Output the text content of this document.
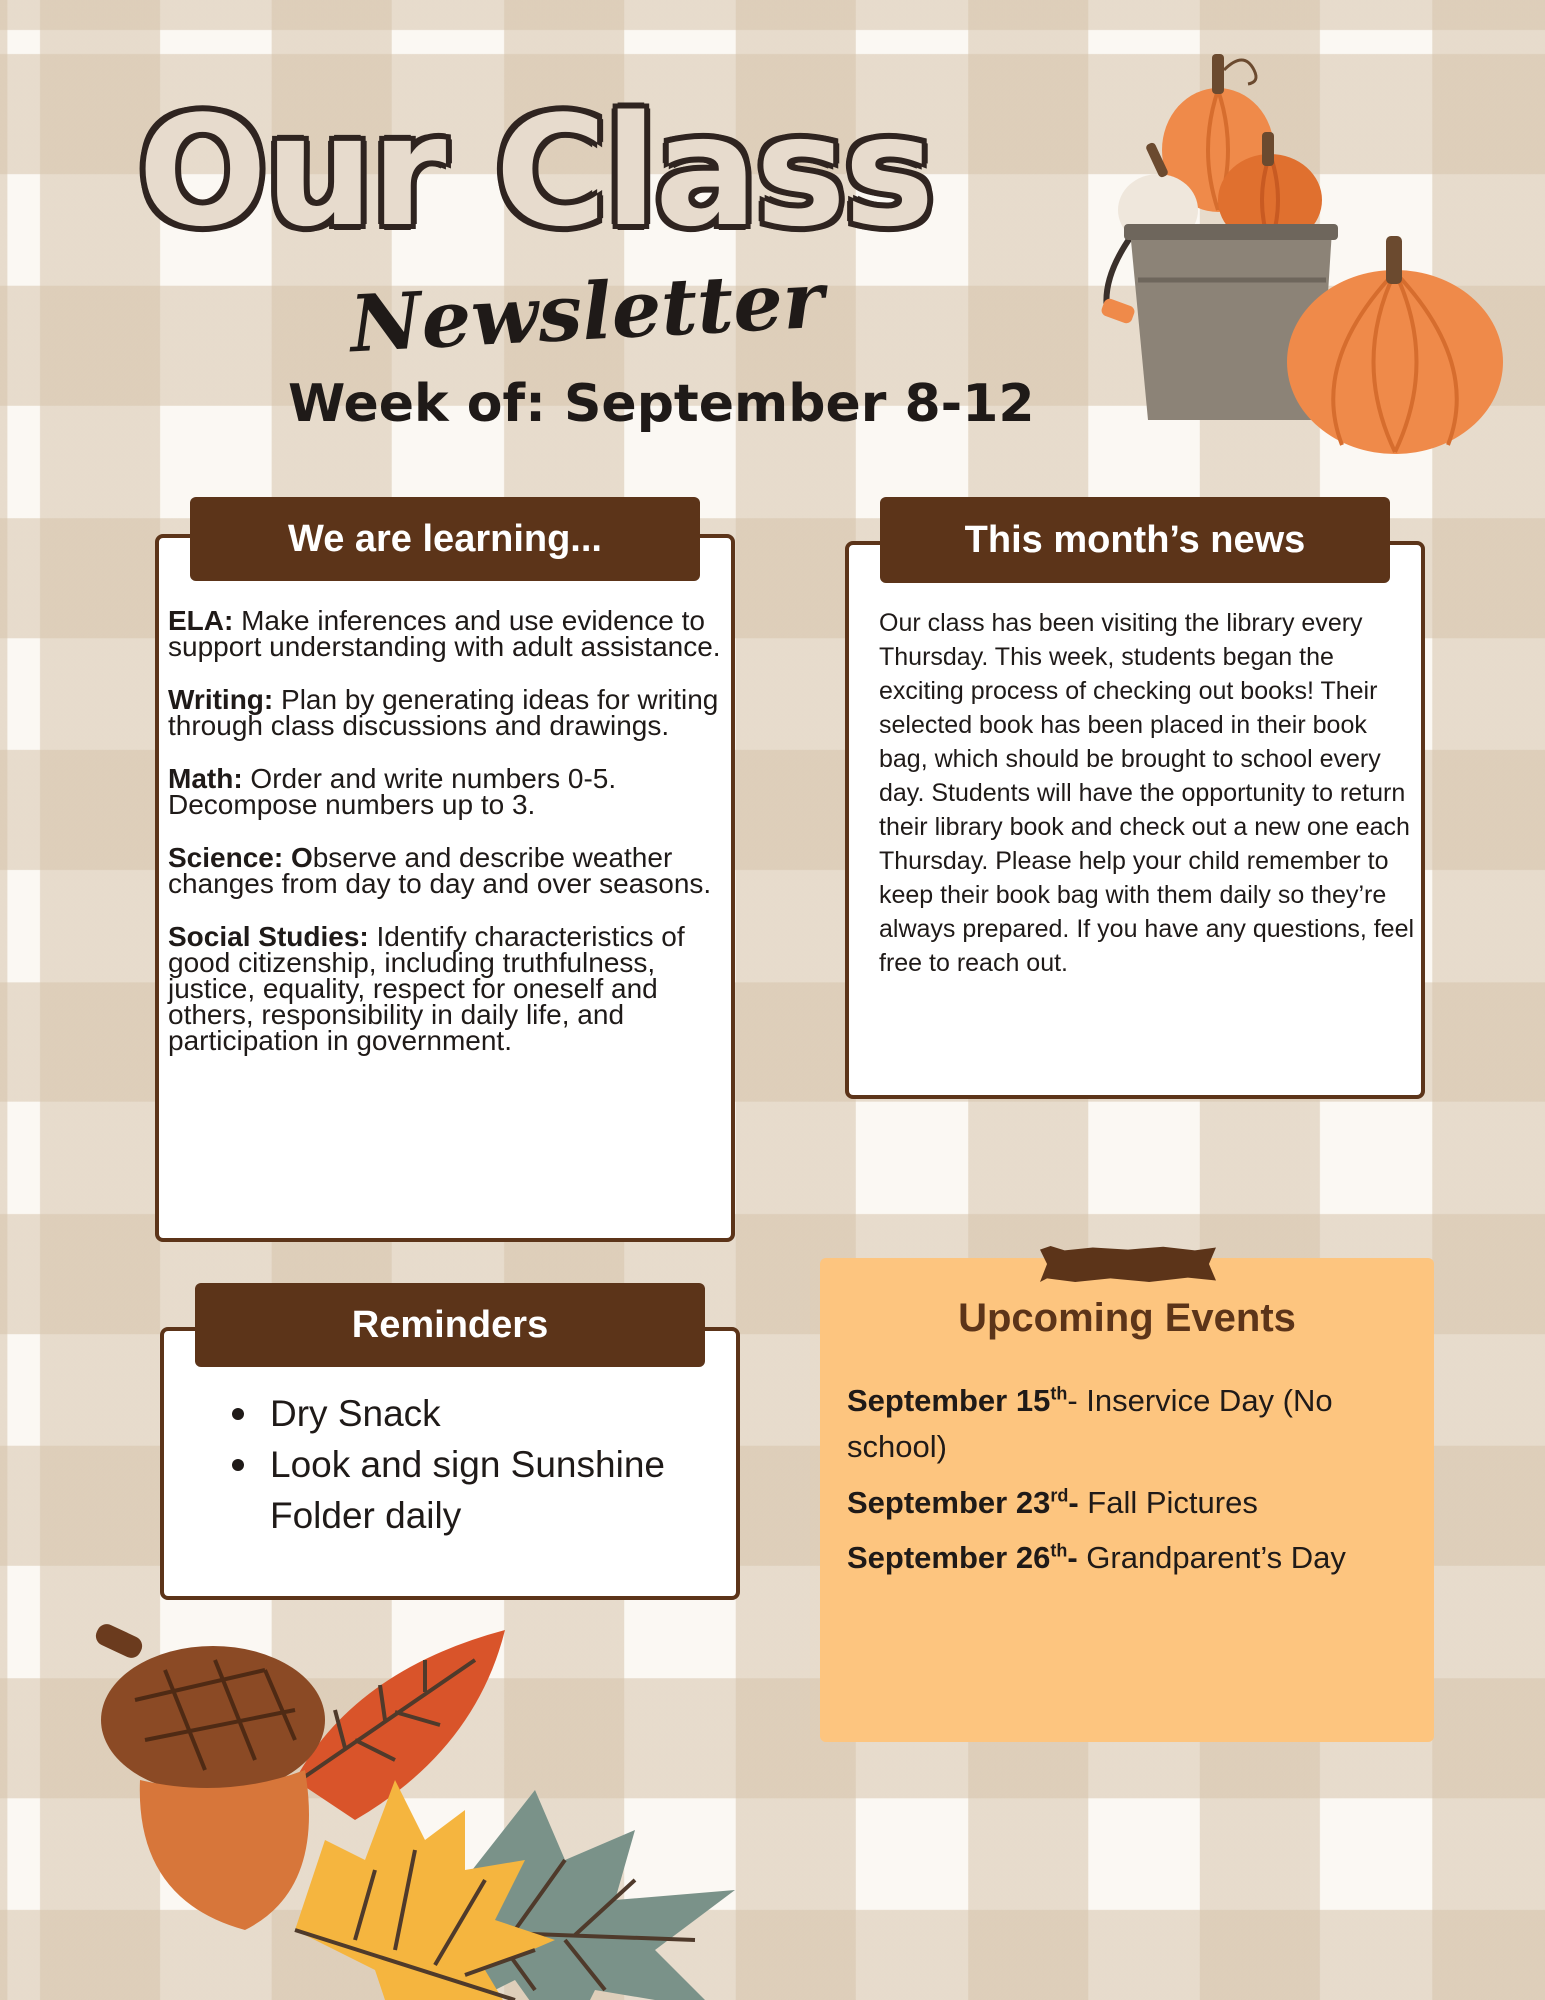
Our Class
Newsletter
Week of: September 8-12
We are learning...

ELA: Make inferences and use evidence to support understanding with adult assistance.

Writing: Plan by generating ideas for writing through class discussions and drawings.

Math: Order and write numbers 0-5. Decompose numbers up to 3.

Science: Observe and describe weather changes from day to day and over seasons.

Social Studies: Identify characteristics of good citizenship, including truthfulness, justice, equality, respect for oneself and others, responsibility in daily life, and participation in government.

This month’s news
Our class has been visiting the library every Thursday. This week, students began the exciting process of checking out books! Their selected book has been placed in their book bag, which should be brought to school every day. Students will have the opportunity to return their library book and check out a new one each Thursday. Please help your child remember to keep their book bag with them daily so they’re always prepared. If you have any questions, feel free to reach out.
Reminders
Dry Snack
Look and sign Sunshine Folder daily
Upcoming Events
September 15th- Inservice Day (No school)
September 23rd- Fall Pictures
September 26th- Grandparent’s Day
